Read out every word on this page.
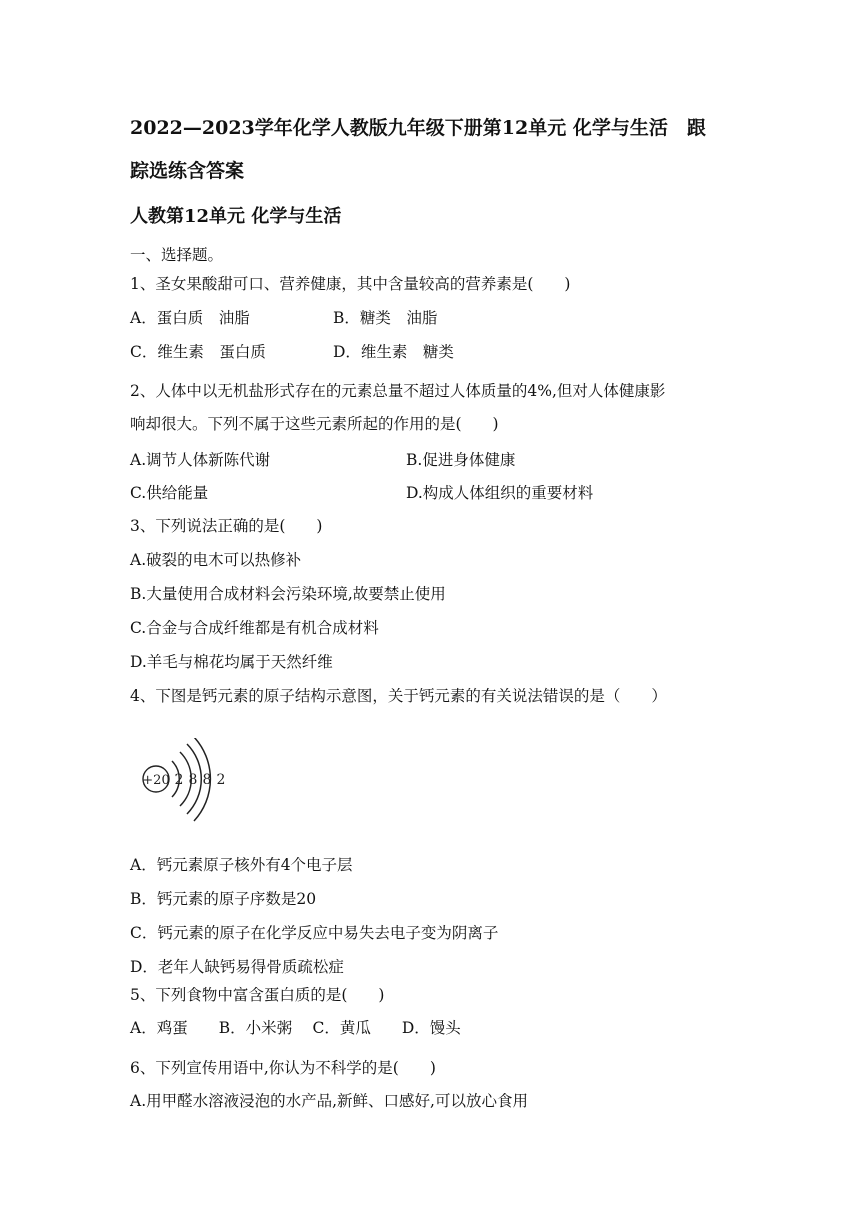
2022—2023学年化学人教版九年级下册第12单元 化学与生活　跟
踪选练含答案
人教第12单元 化学与生活
一、选择题。
1、圣女果酸甜可口、营养健康，其中含量较高的营养素是(　　)
A．蛋白质　油脂	B．糖类　油脂
C．维生素　蛋白质	D．维生素　糖类
2、人体中以无机盐形式存在的元素总量不超过人体质量的4%,但对人体健康影
响却很大。下列不属于这些元素所起的作用的是(　　)
A.调节人体新陈代谢	B.促进身体健康
C.供给能量	D.构成人体组织的重要材料
3、下列说法正确的是(　　)
A.破裂的电木可以热修补
B.大量使用合成材料会污染环境,故要禁止使用
C.合金与合成纤维都是有机合成材料
D.羊毛与棉花均属于天然纤维
4、下图是钙元素的原子结构示意图，关于钙元素的有关说法错误的是（　　）
+20 2 8 8 2
A．钙元素原子核外有4个电子层
B．钙元素的原子序数是20
C．钙元素的原子在化学反应中易失去电子变为阴离子
D．老年人缺钙易得骨质疏松症
5、下列食物中富含蛋白质的是(　　)
A．鸡蛋　　B．小米粥　 C．黄瓜　　D．馒头
6、下列宣传用语中,你认为不科学的是(　　)
A.用甲醛水溶液浸泡的水产品,新鲜、口感好,可以放心食用
